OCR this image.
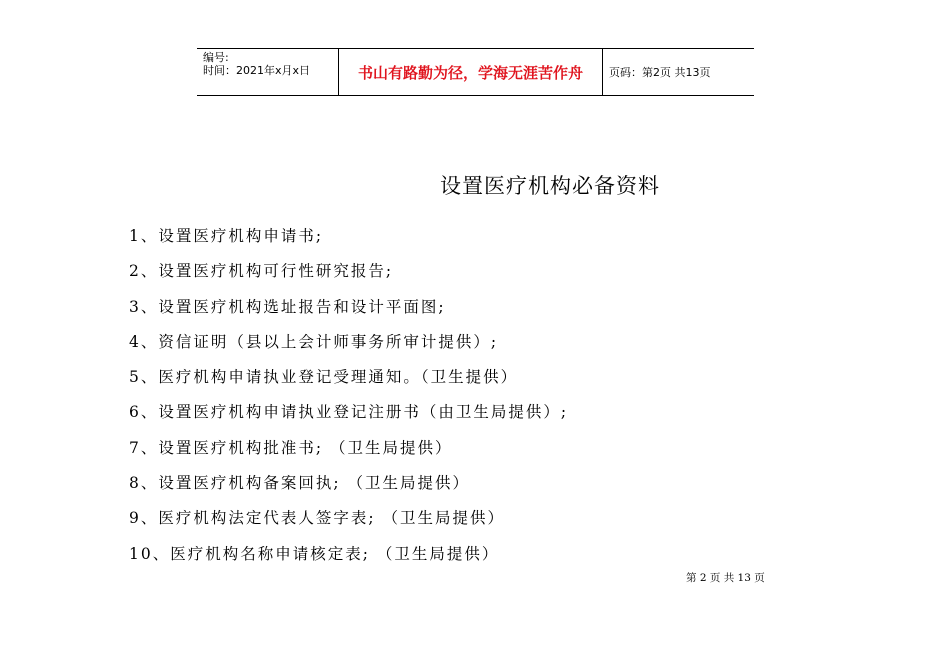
编号:
时间：2021年x月x日	书山有路勤为径，学海无涯苦作舟	页码：第2页 共13页
设置医疗机构必备资料
1、设置医疗机构申请书;
2、设置医疗机构可行性研究报告;
3、设置医疗机构选址报告和设计平面图;
4、资信证明（县以上会计师事务所审计提供）;
5、医疗机构申请执业登记受理通知。（卫生提供）
6、设置医疗机构申请执业登记注册书（由卫生局提供）;
7、设置医疗机构批准书; （卫生局提供）
8、设置医疗机构备案回执; （卫生局提供）
9、医疗机构法定代表人签字表; （卫生局提供）
10、医疗机构名称申请核定表; （卫生局提供）
第 2 页 共 13 页
